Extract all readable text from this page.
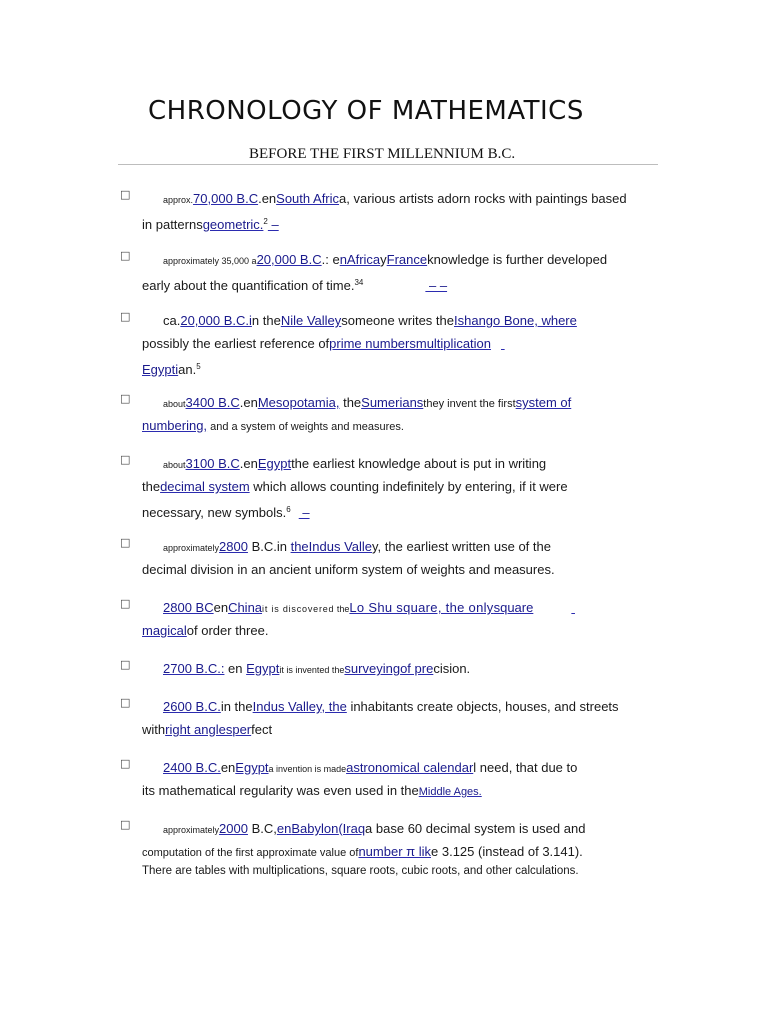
CHRONOLOGY OF MATHEMATICS
BEFORE THE FIRST MILLENNIUM B.C.
□	approx.70,000 B.C.enSouth Africa, various artists adorn rocks with paintings based
in patternsgeometric.$^2$ –
□	approximately 35,000 a20,000 B.C.: enAfricayFranceknowledge is further developed
early about the quantification of time.$^{34}$	– –
□	ca.20,000 B.C.in theNile Valleysomeone writes theIshango Bone, where
possibly the earliest reference ofprime numbersmultiplication
Egyptian.$^5$
□	about3400 B.C.enMesopotamia, theSumeriansthey invent the firstsystem of
numbering, and a system of weights and measures.
□	about3100 B.C.enEgyptthe earliest knowledge about is put in writing
thedecimal system which allows counting indefinitely by entering, if it were
necessary, new symbols.$^6$ –
□	approximately2800 B.C.in theIndus Valley, the earliest written use of the
decimal division in an ancient uniform system of weights and measures.
□	2800 BCenChinait is discovered theLo Shu square, the onlysquare
magicalof order three.
□	2700 B.C.: en Egyptit is invented thesurveyingof precision.
□	2600 B.C.in theIndus Valley, the inhabitants create objects, houses, and streets
withright anglesperfect
□	2400 B.C.enEgypta invention is madeastronomical calendarl need, that due to
its mathematical regularity was even used in theMiddle Ages.
□	approximately2000 B.C,enBabylon(Iraqa base 60 decimal system is used and
computation of the first approximate value ofnumber π like 3.125 (instead of 3.141).
There are tables with multiplications, square roots, cubic roots, and other calculations.
